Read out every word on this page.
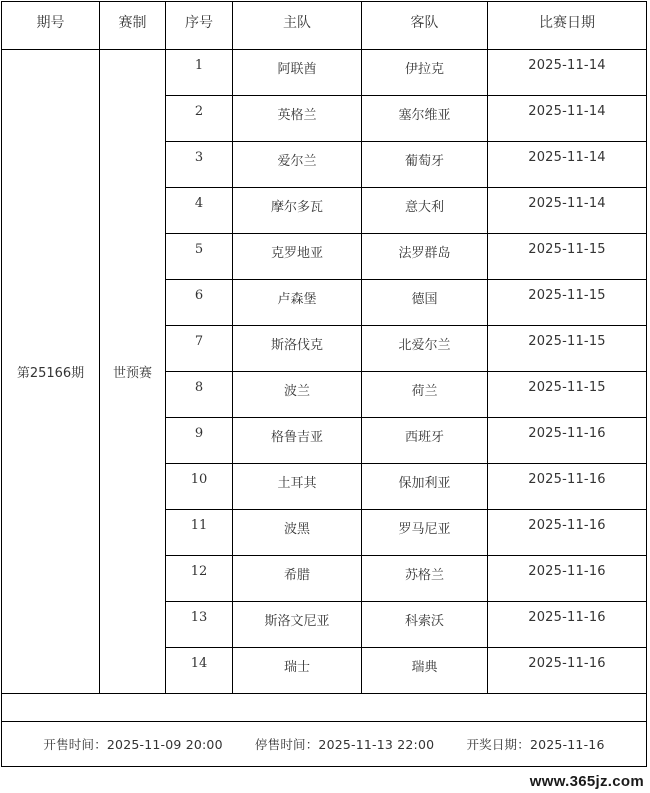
期号	赛制	序号	主队	客队	比赛日期
第25166期	世预赛	1	阿联酋	伊拉克	2025-11-14
		2	英格兰	塞尔维亚	2025-11-14
		3	爱尔兰	葡萄牙	2025-11-14
		4	摩尔多瓦	意大利	2025-11-14
		5	克罗地亚	法罗群岛	2025-11-15
		6	卢森堡	德国	2025-11-15
		7	斯洛伐克	北爱尔兰	2025-11-15
		8	波兰	荷兰	2025-11-15
		9	格鲁吉亚	西班牙	2025-11-16
		10	土耳其	保加利亚	2025-11-16
		11	波黑	罗马尼亚	2025-11-16
		12	希腊	苏格兰	2025-11-16
		13	斯洛文尼亚	科索沃	2025-11-16
		14	瑞士	瑞典	2025-11-16

开售时间：2025-11-09 20:00 停售时间：2025-11-13 22:00 开奖日期：2025-11-16					
www.365jz.com
